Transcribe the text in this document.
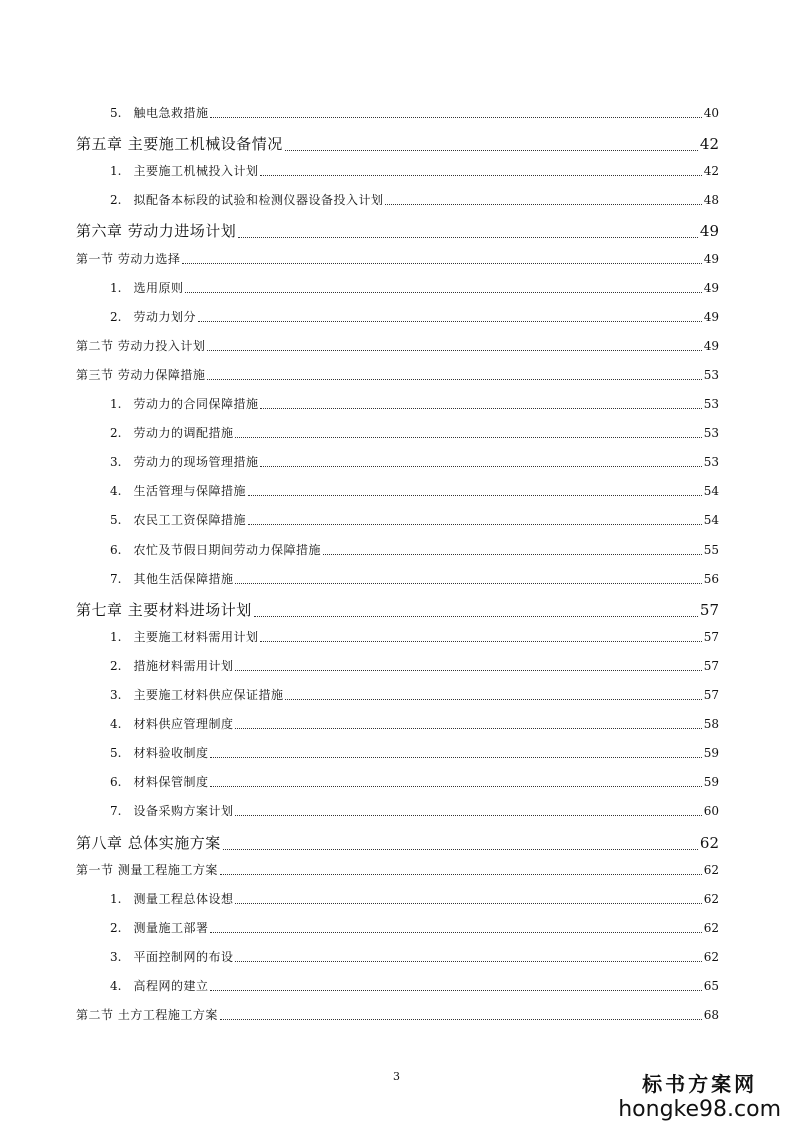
5. 触电急救措施	40
第五章 主要施工机械设备情况	42
1. 主要施工机械投入计划	42
2. 拟配备本标段的试验和检测仪器设备投入计划	48
第六章 劳动力进场计划	49
第一节 劳动力选择	49
1. 选用原则	49
2. 劳动力划分	49
第二节 劳动力投入计划	49
第三节 劳动力保障措施	53
1. 劳动力的合同保障措施	53
2. 劳动力的调配措施	53
3. 劳动力的现场管理措施	53
4. 生活管理与保障措施	54
5. 农民工工资保障措施	54
6. 农忙及节假日期间劳动力保障措施	55
7. 其他生活保障措施	56
第七章 主要材料进场计划	57
1. 主要施工材料需用计划	57
2. 措施材料需用计划	57
3. 主要施工材料供应保证措施	57
4. 材料供应管理制度	58
5. 材料验收制度	59
6. 材料保管制度	59
7. 设备采购方案计划	60
第八章 总体实施方案	62
第一节 测量工程施工方案	62
1. 测量工程总体设想	62
2. 测量施工部署	62
3. 平面控制网的布设	62
4. 高程网的建立	65
第二节 土方工程施工方案	68
3	标书方案网
hongke98.com
